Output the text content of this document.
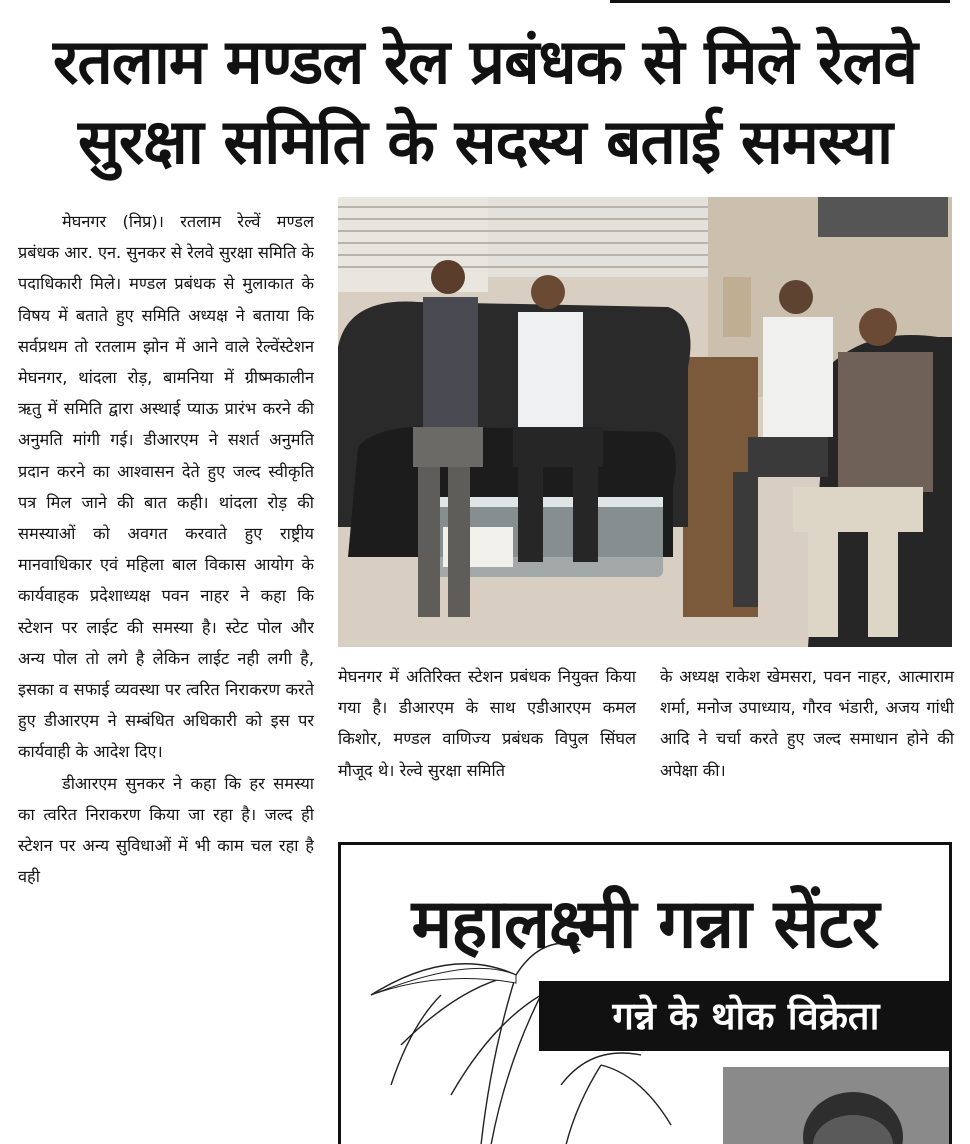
रतलाम मण्डल रेल प्रबंधक से मिले रेलवे
सुरक्षा समिति के सदस्य बताई समस्या

मेघनगर (निप्र)। रतलाम रेल्वें मण्डल प्रबंधक आर. एन. सुनकर से रेलवे सुरक्षा समिति के पदाधिकारी मिले। मण्डल प्रबंधक से मुलाकात के विषय में बताते हुए समिति अध्यक्ष ने बताया कि सर्वप्रथम तो रतलाम झोन में आने वाले रेल्वेंस्टेशन मेघनगर, थांदला रोड़, बामनिया में ग्रीष्मकालीन ऋतु में समिति द्वारा अस्थाई प्याऊ प्रारंभ करने की अनुमति मांगी गई। डीआरएम ने सशर्त अनुमति प्रदान करने का आश्वासन देते हुए जल्द स्वीकृति पत्र मिल जाने की बात कही। थांदला रोड़ की समस्याओं को अवगत करवाते हुए राष्ट्रीय मानवाधिकार एवं महिला बाल विकास आयोग के कार्यवाहक प्रदेशाध्यक्ष पवन नाहर ने कहा कि स्टेशन पर लाईट की समस्या है। स्टेट पोल और अन्य पोल तो लगे है लेकिन लाईट नही लगी है, इसका व सफाई व्यवस्था पर त्वरित निराकरण करते हुए डीआरएम ने सम्बंधित अधिकारी को इस पर कार्यवाही के आदेश दिए।

डीआरएम सुनकर ने कहा कि हर समस्या का त्वरित निराकरण किया जा रहा है। जल्द ही स्टेशन पर अन्य सुविधाओं में भी काम चल रहा है वही

मेघनगर में अतिरिक्त स्टेशन प्रबंधक नियुक्त किया गया है। डीआरएम के साथ एडीआरएम कमल किशोर, मण्डल वाणिज्य प्रबंधक विपुल सिंघल मौजूद थे। रेल्वे सुरक्षा समिति
के अध्यक्ष राकेश खेमसरा, पवन नाहर, आत्माराम शर्मा, मनोज उपाध्याय, गौरव भंडारी, अजय गांधी आदि ने चर्चा करते हुए जल्द समाधान होने की अपेक्षा की।
महालक्ष्मी गन्ना सेंटर
गन्ने के थोक विक्रेता
